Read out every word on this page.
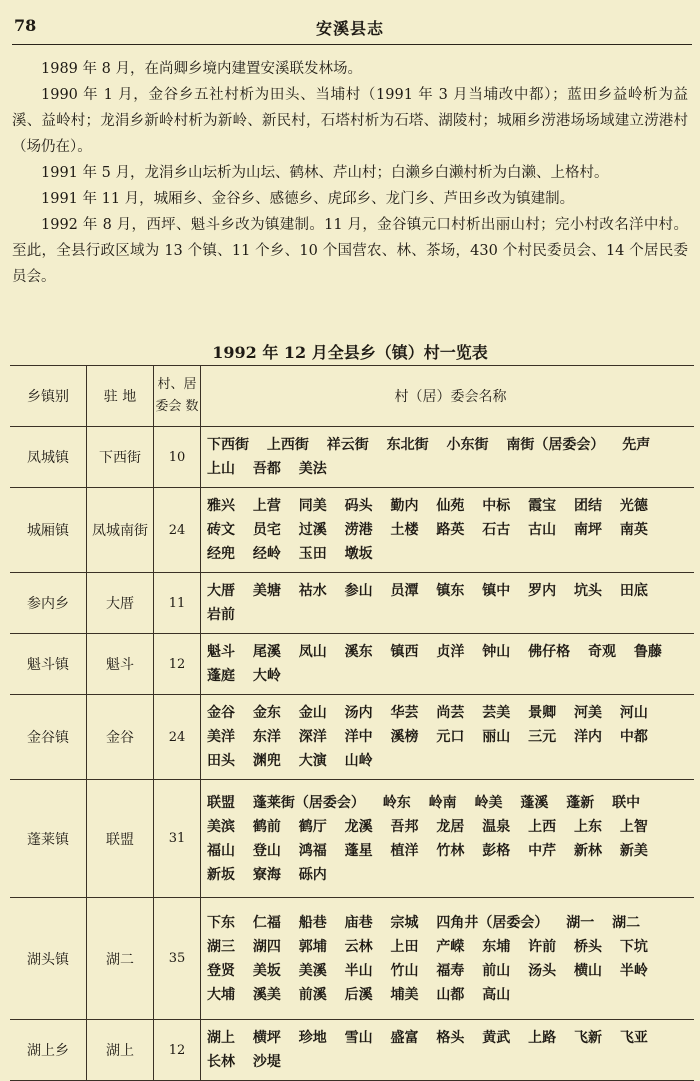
78	安溪县志

1989 年 8 月，在尚卿乡境内建置安溪联发林场。

1990 年 1 月，金谷乡五社村析为田头、当埔村（1991 年 3 月当埔改中都）；蓝田乡益岭析为益溪、益岭村；龙涓乡新岭村析为新岭、新民村，石塔村析为石塔、湖陵村；城厢乡涝港场场域建立涝港村（场仍在）。

1991 年 5 月，龙涓乡山坛析为山坛、鹤林、芹山村；白濑乡白濑村析为白濑、上格村。

1991 年 11 月，城厢乡、金谷乡、感德乡、虎邱乡、龙门乡、芦田乡改为镇建制。

1992 年 8 月，西坪、魁斗乡改为镇建制。11 月，金谷镇元口村析出丽山村；完小村改名洋中村。至此，全县行政区域为 13 个镇、11 个乡、10 个国营农、林、茶场，430 个村民委员会、14 个居民委员会。

1992 年 12 月全县乡（镇）村一览表
乡镇别	驻 地	村、居委会 数	村（居）委会名称
凤城镇	下西街	10	下西街 上西街 祥云街 东北街 小东街 南街（居委会） 先声 上山 吾都 美法

城厢镇	凤城南街	24	雅兴 上营 同美 码头 勤内 仙苑 中标 霞宝 团结 光德 砖文 员宅 过溪 涝港 土楼 路英 石古 古山 南坪 南英 经兜 经岭 玉田 墩坂

参内乡	大厝	11	大厝 美塘 祜水 参山 员潭 镇东 镇中 罗内 坑头 田底 岩前

魁斗镇	魁斗	12	魁斗 尾溪 凤山 溪东 镇西 贞洋 钟山 佛仔格 奇观 鲁藤 蓬庭 大岭

金谷镇	金谷	24	金谷 金东 金山 汤内 华芸 尚芸 芸美 景卿 河美 河山 美洋 东洋 深洋 洋中 溪榜 元口 丽山 三元 洋内 中都 田头 渊兜 大演 山岭

蓬莱镇	联盟	31	联盟 蓬莱街（居委会） 岭东 岭南 岭美 蓬溪 蓬新 联中 美滨 鹤前 鹤厅 龙溪 吾邦 龙居 温泉 上西 上东 上智 福山 登山 鸿福 蓬星 植洋 竹林 彭格 中芹 新林 新美 新坂 寮海 砾内

湖头镇	湖二	35	下东 仁福 船巷 庙巷 宗城 四角井（居委会） 湖一 湖二 湖三 湖四 郭埔 云林 上田 产嵘 东埔 许前 桥头 下坑 登贤 美坂 美溪 半山 竹山 福寿 前山 汤头 横山 半岭 大埔 溪美 前溪 后溪 埔美 山都 高山

湖上乡	湖上	12	湖上 横坪 珍地 雪山 盛富 格头 黄武 上路 飞新 飞亚 长林 沙堤
